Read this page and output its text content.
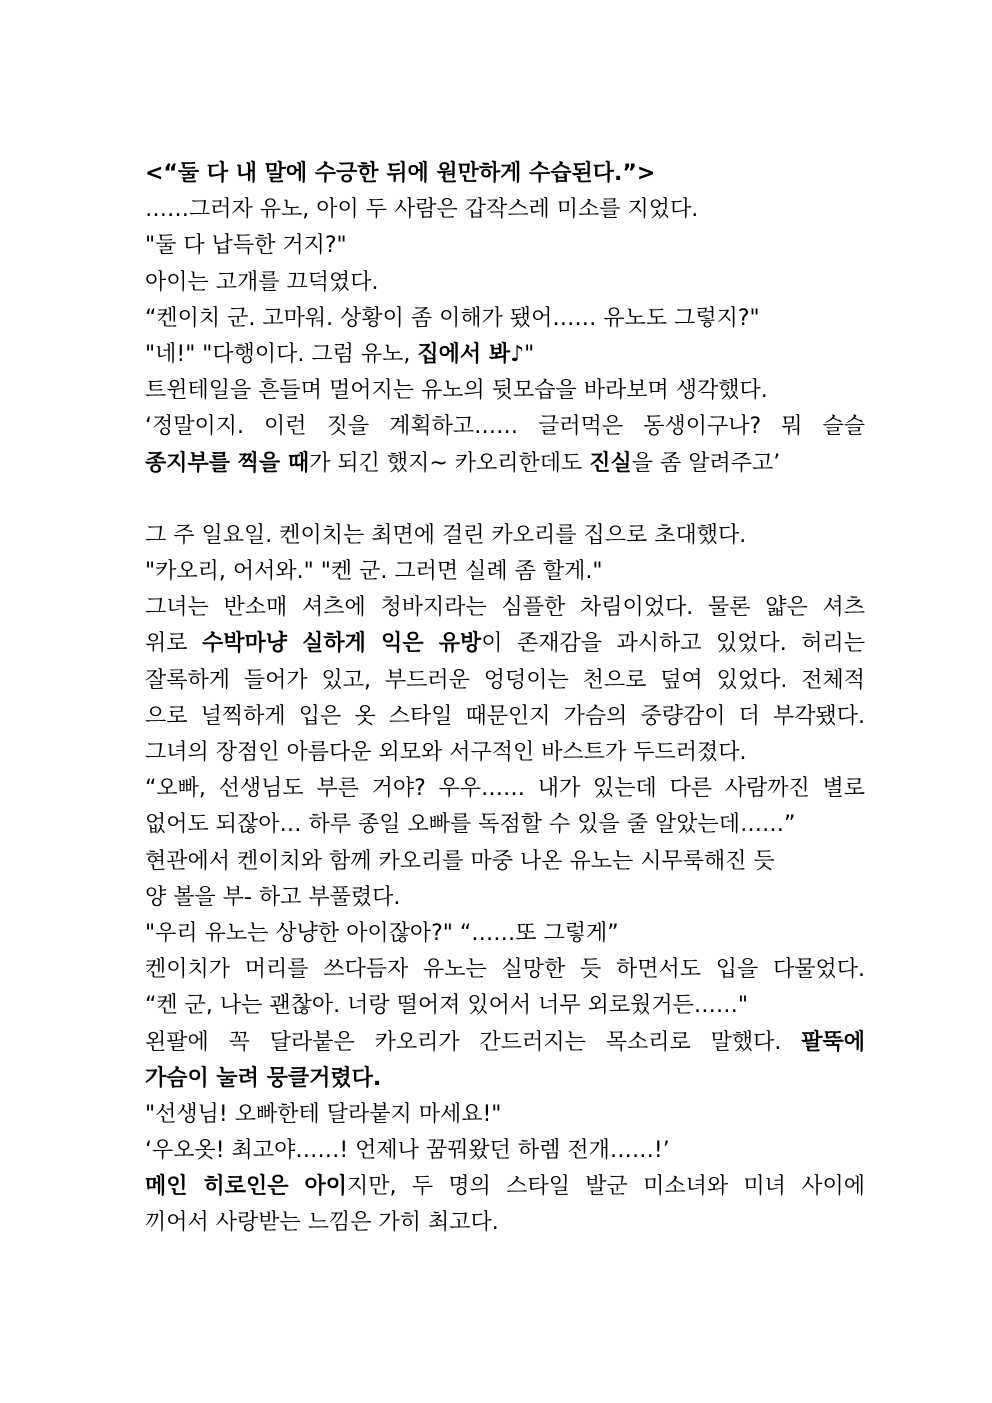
<“둘 다 내 말에 수긍한 뒤에 원만하게 수습된다.”>
……그러자 유노, 아이 두 사람은 갑작스레 미소를 지었다.
"둘 다 납득한 거지?"
아이는 고개를 끄덕였다.
“켄이치 군. 고마워. 상황이 좀 이해가 됐어…… 유노도 그렇지?"
"네!" "다행이다. 그럼 유노, 집에서 봐♪"
트윈테일을 흔들며 멀어지는 유노의 뒷모습을 바라보며 생각했다.
‘정말이지. 이런 짓을 계획하고…… 글러먹은 동생이구나? 뭐 슬슬
종지부를 찍을 때가 되긴 했지~ 카오리한데도 진실을 좀 알려주고’
그 주 일요일. 켄이치는 최면에 걸린 카오리를 집으로 초대했다.
"카오리, 어서와." "켄 군. 그러면 실례 좀 할게."
그녀는 반소매 셔츠에 청바지라는 심플한 차림이었다. 물론 얇은 셔츠
위로 수박마냥 실하게 익은 유방이 존재감을 과시하고 있었다. 허리는
잘록하게 들어가 있고, 부드러운 엉덩이는 천으로 덮여 있었다. 전체적
으로 널찍하게 입은 옷 스타일 때문인지 가슴의 중량감이 더 부각됐다.
그녀의 장점인 아름다운 외모와 서구적인 바스트가 두드러졌다.
“오빠, 선생님도 부른 거야? 우우…… 내가 있는데 다른 사람까진 별로
없어도 되잖아… 하루 종일 오빠를 독점할 수 있을 줄 알았는데……”
현관에서 켄이치와 함께 카오리를 마중 나온 유노는 시무룩해진 듯
양 볼을 부- 하고 부풀렸다.
"우리 유노는 상냥한 아이잖아?" “……또 그렇게”
켄이치가 머리를 쓰다듬자 유노는 실망한 듯 하면서도 입을 다물었다.
“켄 군, 나는 괜찮아. 너랑 떨어져 있어서 너무 외로웠거든……"
왼팔에 꼭 달라붙은 카오리가 간드러지는 목소리로 말했다. 팔뚝에
가슴이 눌려 뭉클거렸다.
"선생님! 오빠한테 달라붙지 마세요!"
‘우오옷! 최고야……! 언제나 꿈꿔왔던 하렘 전개……!’
메인 히로인은 아이지만, 두 명의 스타일 발군 미소녀와 미녀 사이에
끼어서 사랑받는 느낌은 가히 최고다.
